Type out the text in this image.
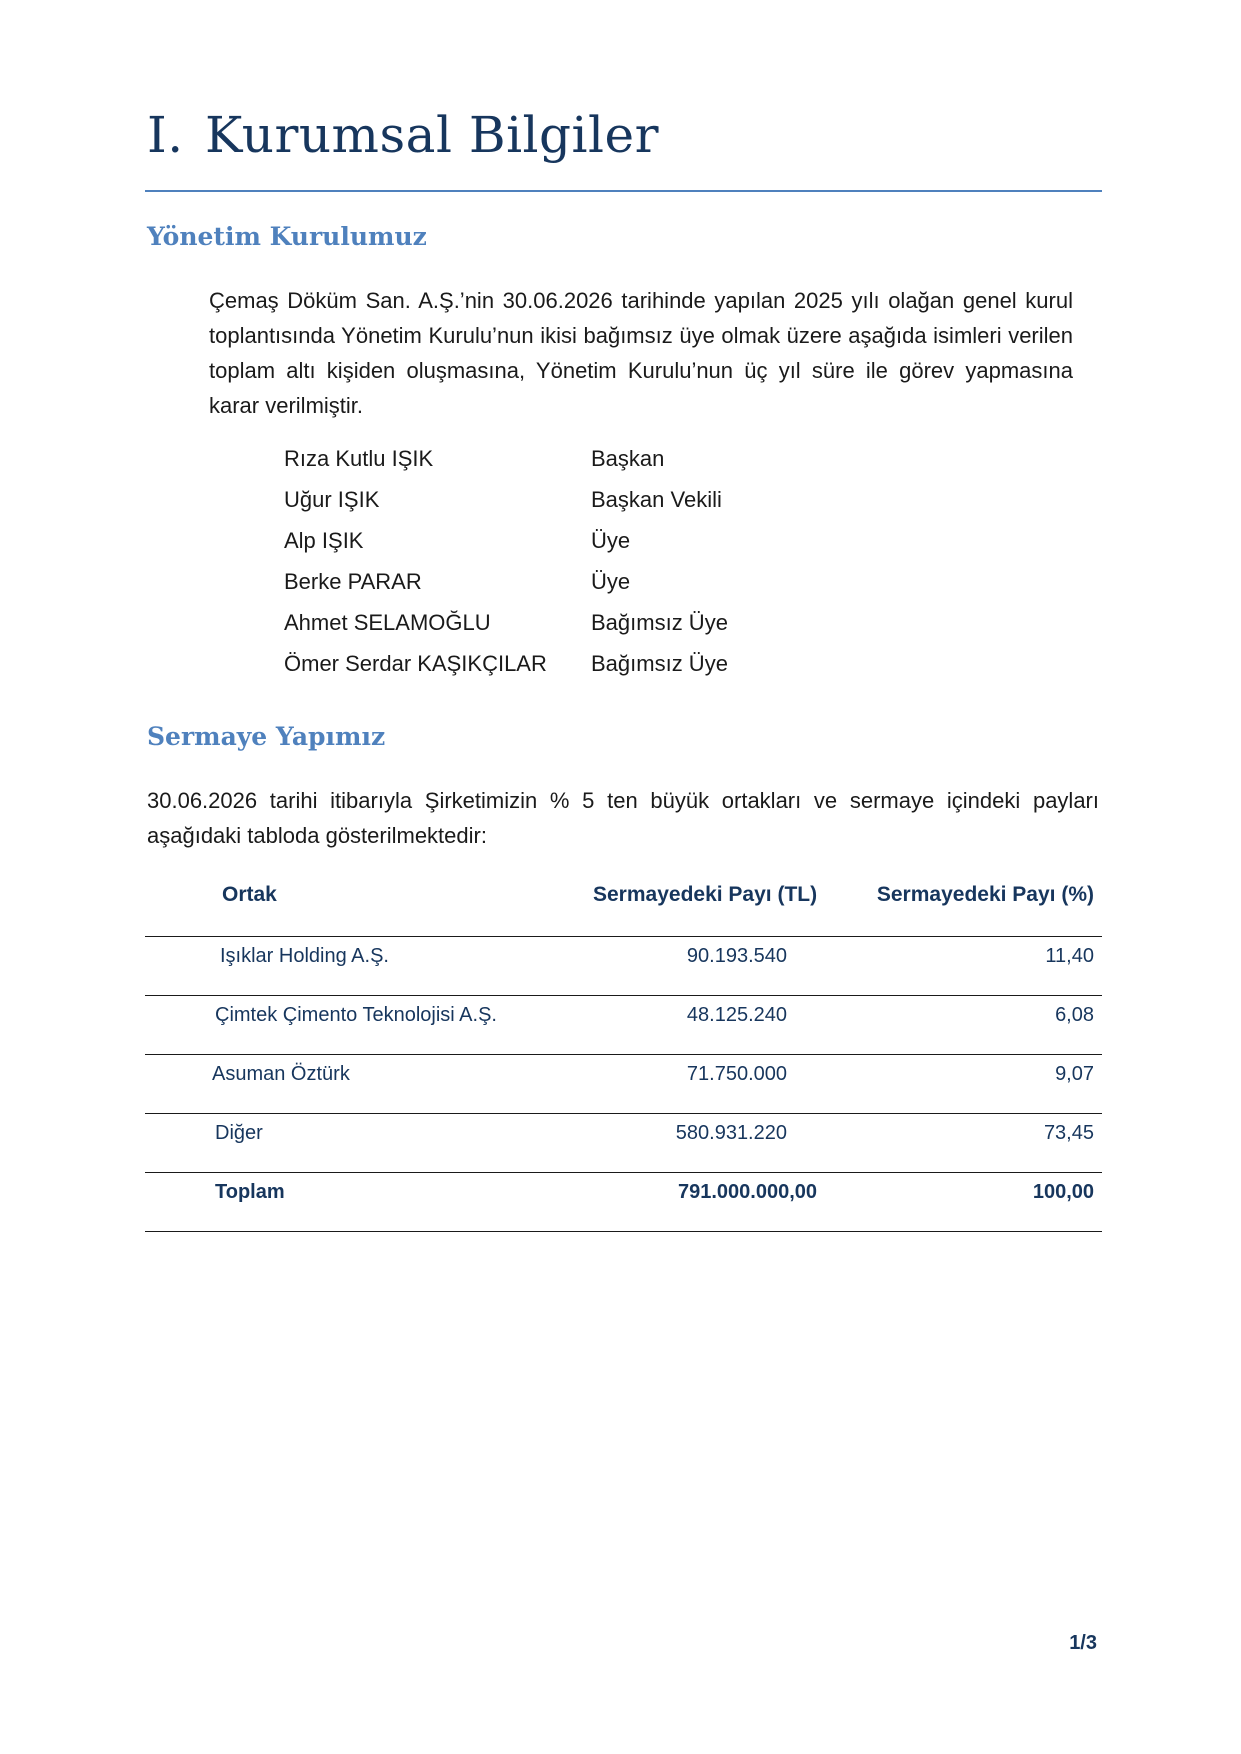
I. Kurumsal Bilgiler
Yönetim Kurulumuz
Çemaş Döküm San. A.Ş.’nin 30.06.2026 tarihinde yapılan 2025 yılı olağan genel kurul toplantısında Yönetim Kurulu’nun ikisi bağımsız üye olmak üzere aşağıda isimleri verilen toplam altı kişiden oluşmasına, Yönetim Kurulu’nun üç yıl süre ile görev yapmasına karar verilmiştir.
Rıza Kutlu IŞIK	Başkan
Uğur IŞIK	Başkan Vekili
Alp IŞIK	Üye
Berke PARAR	Üye
Ahmet SELAMOĞLU	Bağımsız Üye
Ömer Serdar KAŞIKÇILAR Bağımsız Üye
Sermaye Yapımız
30.06.2026 tarihi itibarıyla Şirketimizin % 5 ten büyük ortakları ve sermaye içindeki payları aşağıdaki tabloda gösterilmektedir:
Ortak	Sermayedeki Payı (TL)	Sermayedeki Payı (%)
Işıklar Holding A.Ş.	90.193.540	11,40
Çimtek Çimento Teknolojisi A.Ş.	48.125.240	6,08
Asuman Öztürk	71.750.000	9,07
Diğer	580.931.220	73,45
Toplam	791.000.000,00	100,00
1/3
